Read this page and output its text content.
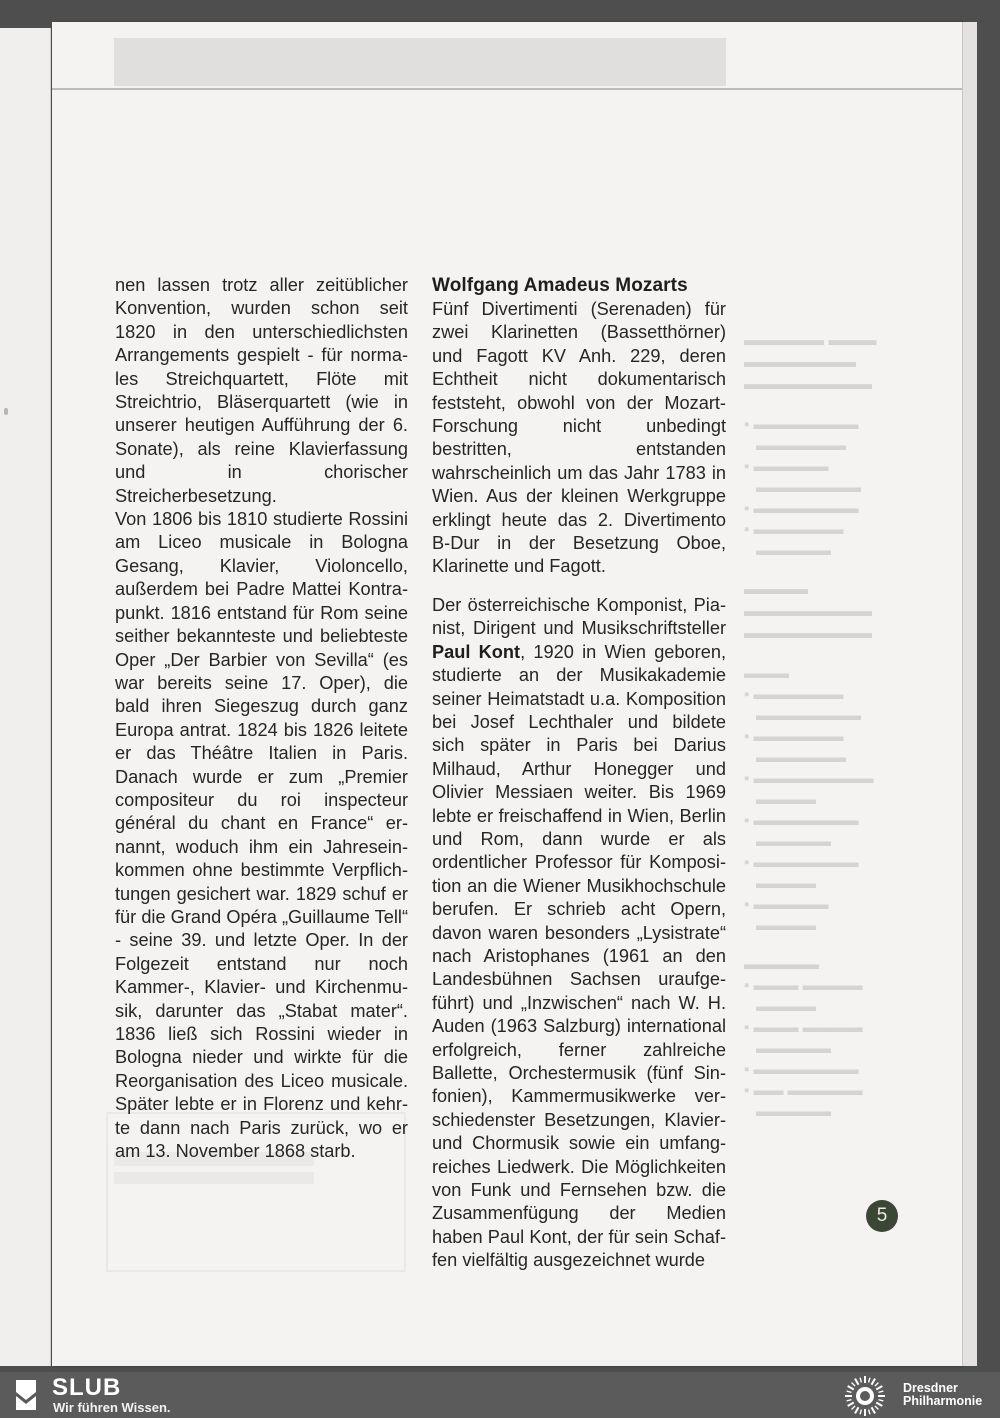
▬▬▬▬▬ ▬▬▬
▬▬▬▬▬▬▬
▬▬▬▬▬▬▬▬
▪ ▬▬▬▬▬▬▬
▬▬▬▬▬▬
▪ ▬▬▬▬▬
▬▬▬▬▬▬▬
▪ ▬▬▬▬▬▬▬
▪ ▬▬▬▬▬▬
▬▬▬▬▬
▬▬▬▬
▬▬▬▬▬▬▬▬
▬▬▬▬▬▬▬▬
▬▬▬
▪ ▬▬▬▬▬▬
▬▬▬▬▬▬▬
▪ ▬▬▬▬▬▬
▬▬▬▬▬▬
▪ ▬▬▬▬▬▬▬▬
▬▬▬▬
▪ ▬▬▬▬▬▬▬
▬▬▬▬▬
▪ ▬▬▬▬▬▬▬
▬▬▬▬
▪ ▬▬▬▬▬
▬▬▬▬
▬▬▬▬▬
▪ ▬▬▬ ▬▬▬▬
▬▬▬▬
▪ ▬▬▬ ▬▬▬▬
▬▬▬▬▬
▪ ▬▬▬▬▬▬▬
▪ ▬▬ ▬▬▬▬▬
▬▬▬▬▬

nen lassen trotz aller zeitüblicher Konvention, wurden schon seit 1820 in den unterschiedlichsten Arrangements gespielt - für normales Streichquartett, Flöte mit Streichtrio, Bläserquartett (wie in unserer heutigen Aufführung der 6. Sonate), als reine Klavierfassung und in chorischer Streicherbesetzung.

Von 1806 bis 1810 studierte Rossini am Liceo musicale in Bologna Gesang, Klavier, Violoncello, außerdem bei Padre Mattei Kontrapunkt. 1816 entstand für Rom seine seither bekannteste und beliebteste Oper „Der Barbier von Sevilla“ (es war bereits seine 17. Oper), die bald ihren Siegeszug durch ganz Europa antrat. 1824 bis 1826 leitete er das Théâtre Italien in Paris. Danach wurde er zum „Premier compositeur du roi inspecteur général du chant en France“ ernannt, woduch ihm ein Jahreseinkommen ohne bestimmte Verpflichtungen gesichert war. 1829 schuf er für die Grand Opéra „Guillaume Tell“ - seine 39. und letzte Oper. In der Folgezeit entstand nur noch Kammer-, Klavier- und Kirchenmusik, darunter das „Stabat mater“. 1836 ließ sich Rossini wieder in Bologna nieder und wirkte für die Reorganisation des Liceo musicale. Später lebte er in Florenz und kehrte dann nach Paris zurück, wo er am 13. November 1868 starb.

Wolfgang Amadeus Mozarts

Fünf Divertimenti (Serenaden) für zwei Klarinetten (Bassetthörner) und Fagott KV Anh. 229, deren Echtheit nicht dokumentarisch feststeht, obwohl von der Mozart-Forschung nicht unbedingt bestritten, entstanden wahrscheinlich um das Jahr 1783 in Wien. Aus der kleinen Werkgruppe erklingt heute das 2. Divertimento B-Dur in der Besetzung Oboe, Klarinette und Fagott.

Der österreichische Komponist, Pianist, Dirigent und Musikschriftsteller Paul Kont, 1920 in Wien geboren, studierte an der Musikakademie seiner Heimatstadt u.a. Komposition bei Josef Lechthaler und bildete sich später in Paris bei Darius Milhaud, Arthur Honegger und Olivier Messiaen weiter. Bis 1969 lebte er freischaffend in Wien, Berlin und Rom, dann wurde er als ordentlicher Professor für Komposition an die Wiener Musikhochschule berufen. Er schrieb acht Opern, davon waren besonders „Lysistrate“ nach Aristophanes (1961 an den Landesbühnen Sachsen uraufgeführt) und „Inzwischen“ nach W. H. Auden (1963 Salzburg) international erfolgreich, ferner zahlreiche Ballette, Orchestermusik (fünf Sinfonien), Kammermusikwerke verschiedenster Besetzungen, Klavier- und Chormusik sowie ein umfangreiches Liedwerk. Die Möglichkeiten von Funk und Fernsehen bzw. die Zusammenfügung der Medien haben Paul Kont, der für sein Schaffen vielfältig ausgezeichnet wurde

5
SLUB
Wir führen Wissen.
Dresdner
Philharmonie
